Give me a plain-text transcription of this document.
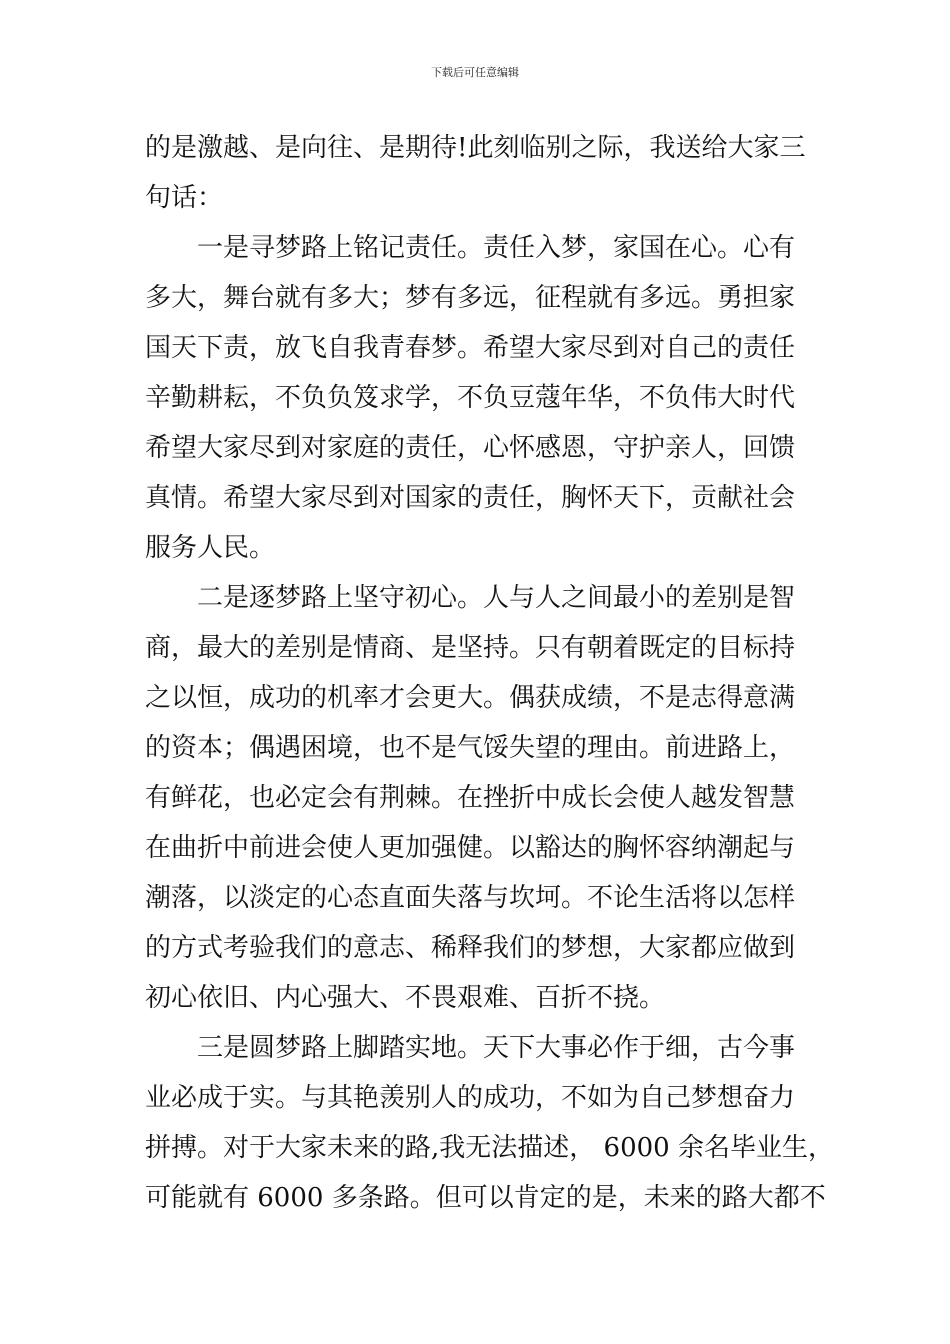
下载后可任意编辑
的是激越、是向往、是期待!此刻临别之际，我送给大家三
句话：
一是寻梦路上铭记责任。责任入梦，家国在心。心有
多大，舞台就有多大；梦有多远，征程就有多远。勇担家
国天下责，放飞自我青春梦。希望大家尽到对自己的责任
辛勤耕耘，不负负笈求学，不负豆蔻年华，不负伟大时代
希望大家尽到对家庭的责任，心怀感恩，守护亲人，回馈
真情。希望大家尽到对国家的责任，胸怀天下，贡献社会
服务人民。
二是逐梦路上坚守初心。人与人之间最小的差别是智
商，最大的差别是情商、是坚持。只有朝着既定的目标持
之以恒，成功的机率才会更大。偶获成绩，不是志得意满
的资本；偶遇困境，也不是气馁失望的理由。前进路上，
有鲜花，也必定会有荆棘。在挫折中成长会使人越发智慧
在曲折中前进会使人更加强健。以豁达的胸怀容纳潮起与
潮落，以淡定的心态直面失落与坎坷。不论生活将以怎样
的方式考验我们的意志、稀释我们的梦想，大家都应做到
初心依旧、内心强大、不畏艰难、百折不挠。
三是圆梦路上脚踏实地。天下大事必作于细，古今事
业必成于实。与其艳羡别人的成功，不如为自己梦想奋力
拼搏。对于大家未来的路,我无法描述， 6000 余名毕业生，
可能就有 6000 多条路。但可以肯定的是，未来的路大都不
